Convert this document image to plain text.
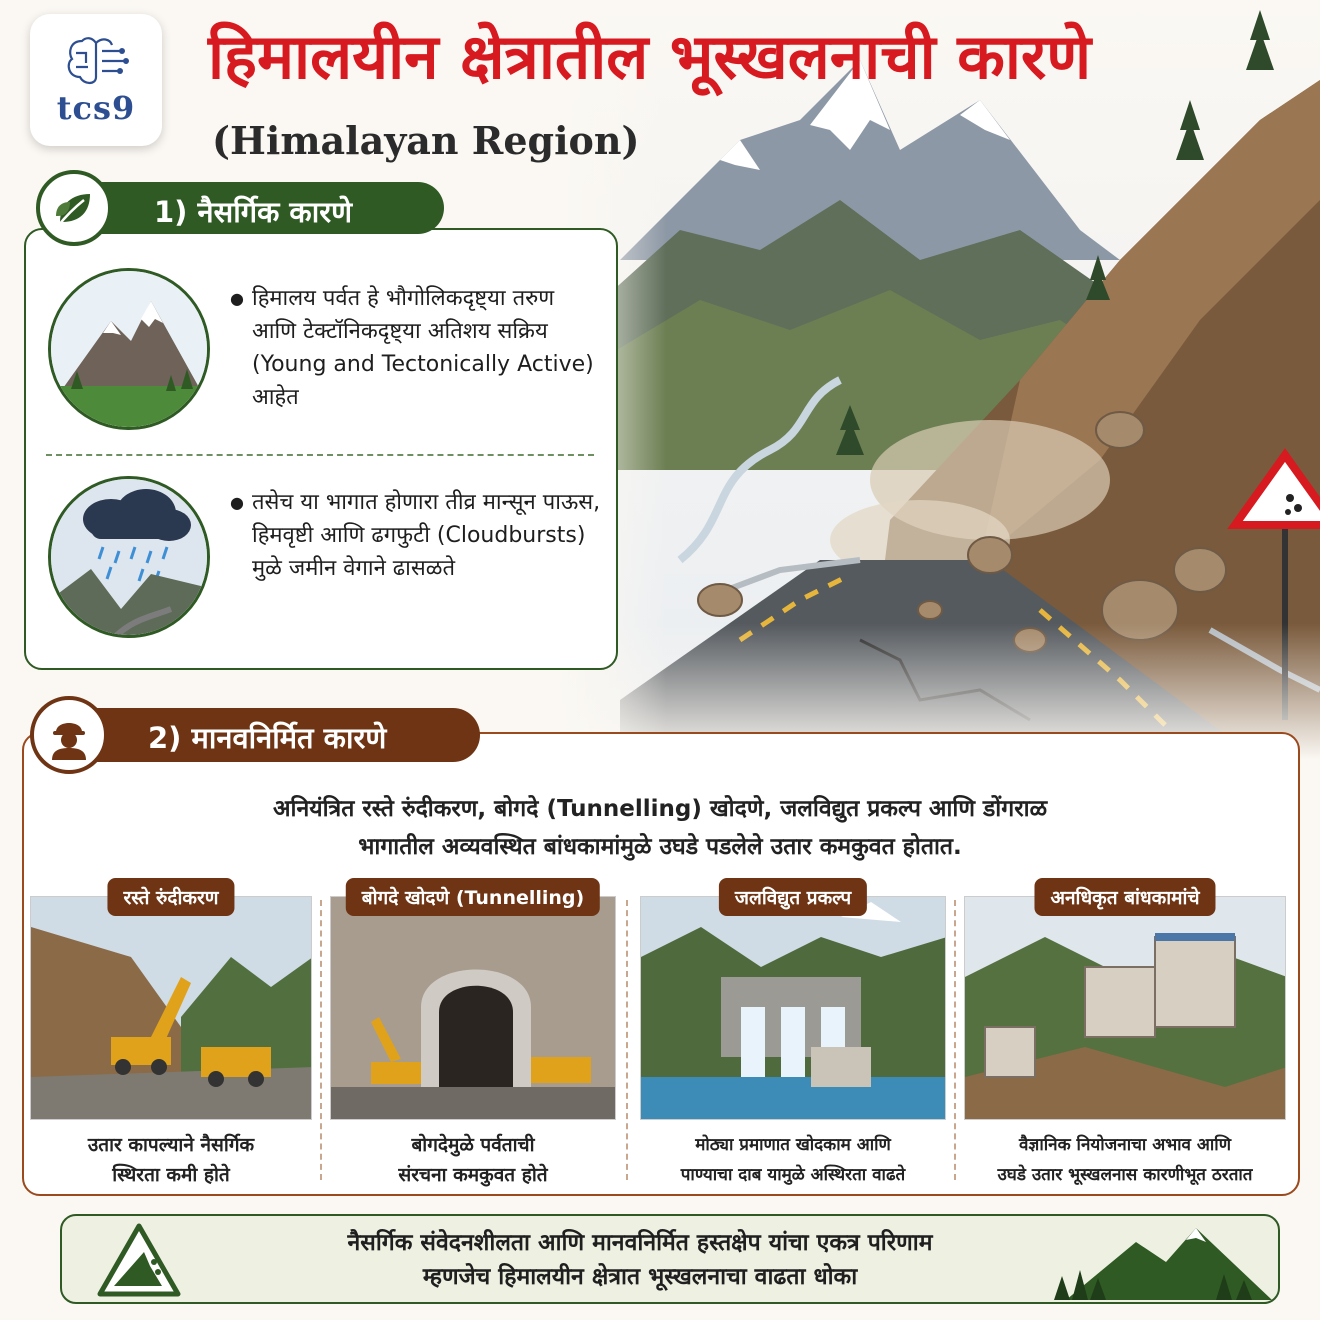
tcs9
हिमालयीन क्षेत्रातील भूस्खलनाची कारणे
(Himalayan Region)
1) नैसर्गिक कारणे
● हिमालय पर्वत हे भौगोलिकदृष्ट्या तरुण आणि टेक्टॉनिकदृष्ट्या अतिशय सक्रिय (Young and Tectonically Active) आहेत
● तसेच या भागात होणारा तीव्र मान्सून पाऊस, हिमवृष्टी आणि ढगफुटी (Cloudbursts) मुळे जमीन वेगाने ढासळते
2) मानवनिर्मित कारणे
अनियंत्रित रस्ते रुंदीकरण, बोगदे (Tunnelling) खोदणे, जलविद्युत प्रकल्प आणि डोंगराळ
भागातील अव्यवस्थित बांधकामांमुळे उघडे पडलेले उतार कमकुवत होतात.
रस्ते रुंदीकरण
उतार कापल्याने नैसर्गिक
स्थिरता कमी होते
बोगदे खोदणे (Tunnelling)
बोगदेमुळे पर्वताची
संरचना कमकुवत होते
जलविद्युत प्रकल्प
मोठ्या प्रमाणात खोदकाम आणि
पाण्याचा दाब यामुळे अस्थिरता वाढते
अनधिकृत बांधकामांचे
वैज्ञानिक नियोजनाचा अभाव आणि
उघडे उतार भूस्खलनास कारणीभूत ठरतात
नैसर्गिक संवेदनशीलता आणि मानवनिर्मित हस्तक्षेप यांचा एकत्र परिणाम
म्हणजेच हिमालयीन क्षेत्रात भूस्खलनाचा वाढता धोका
